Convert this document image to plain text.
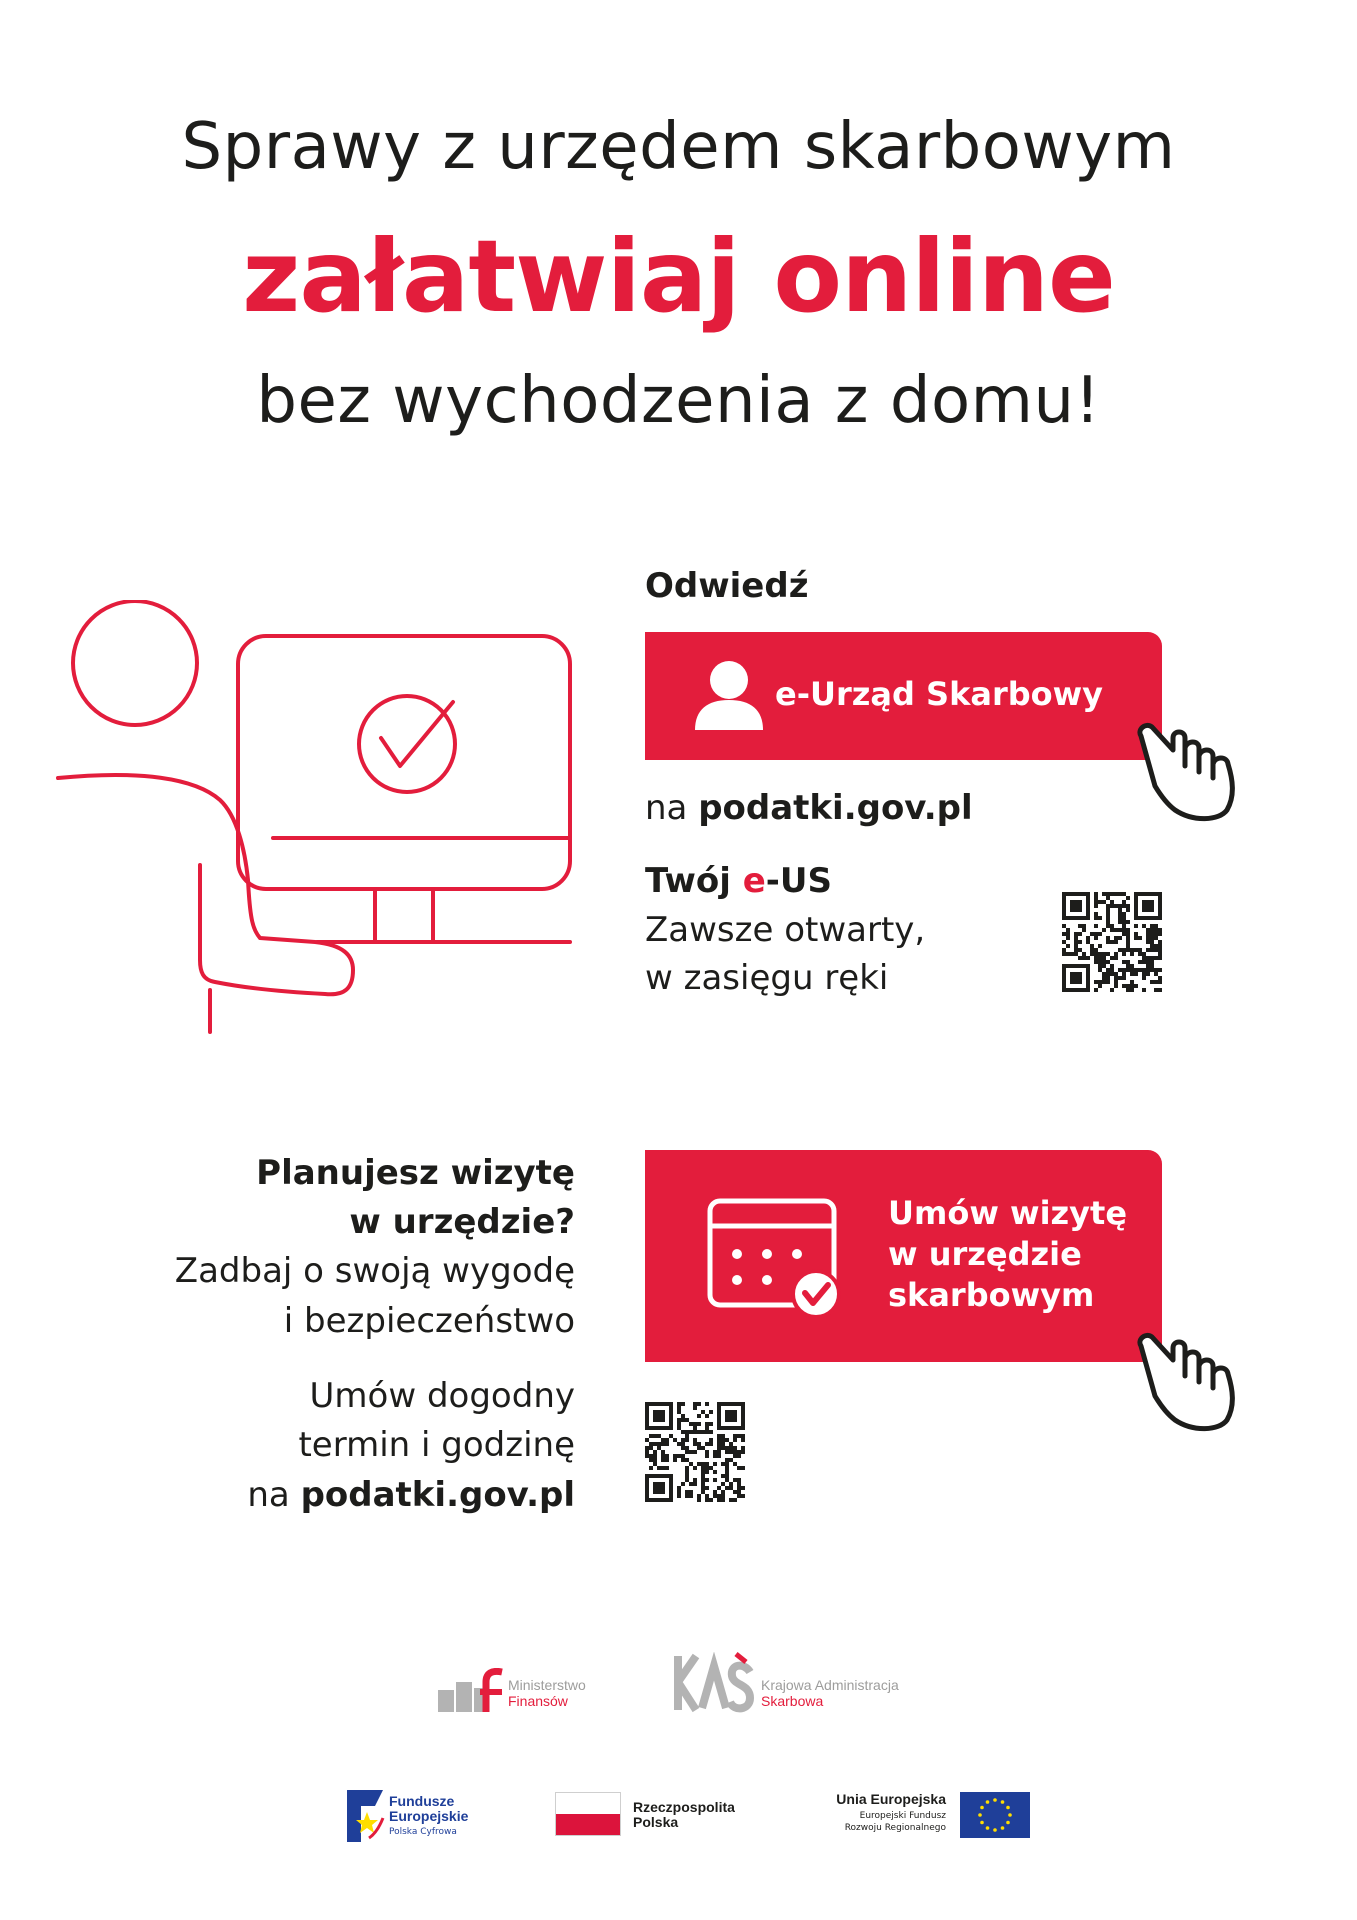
Sprawy z urzędem skarbowym
załatwiaj online
bez wychodzenia z domu!
Odwiedź
e-Urząd Skarbowy
na podatki.gov.pl
Twój e-US
Zawsze otwarty,
w zasięgu ręki
Planujesz wizytę
w urzędzie?
Zadbaj o swoją wygodę
i bezpieczeństwo
Umów dogodny
termin i godzinę
na podatki.gov.pl
Umów wizytę
w urzędzie
skarbowym
Ministerstwo
Finansów
Krajowa Administracja
Skarbowa
Fundusze
Europejskie
Polska Cyfrowa
Rzeczpospolita
Polska
Unia Europejska
Europejski Fundusz
Rozwoju Regionalnego
